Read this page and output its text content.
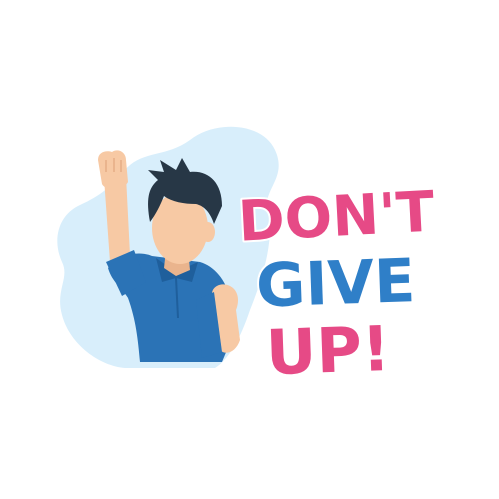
DON'T
GIVE
UP!
